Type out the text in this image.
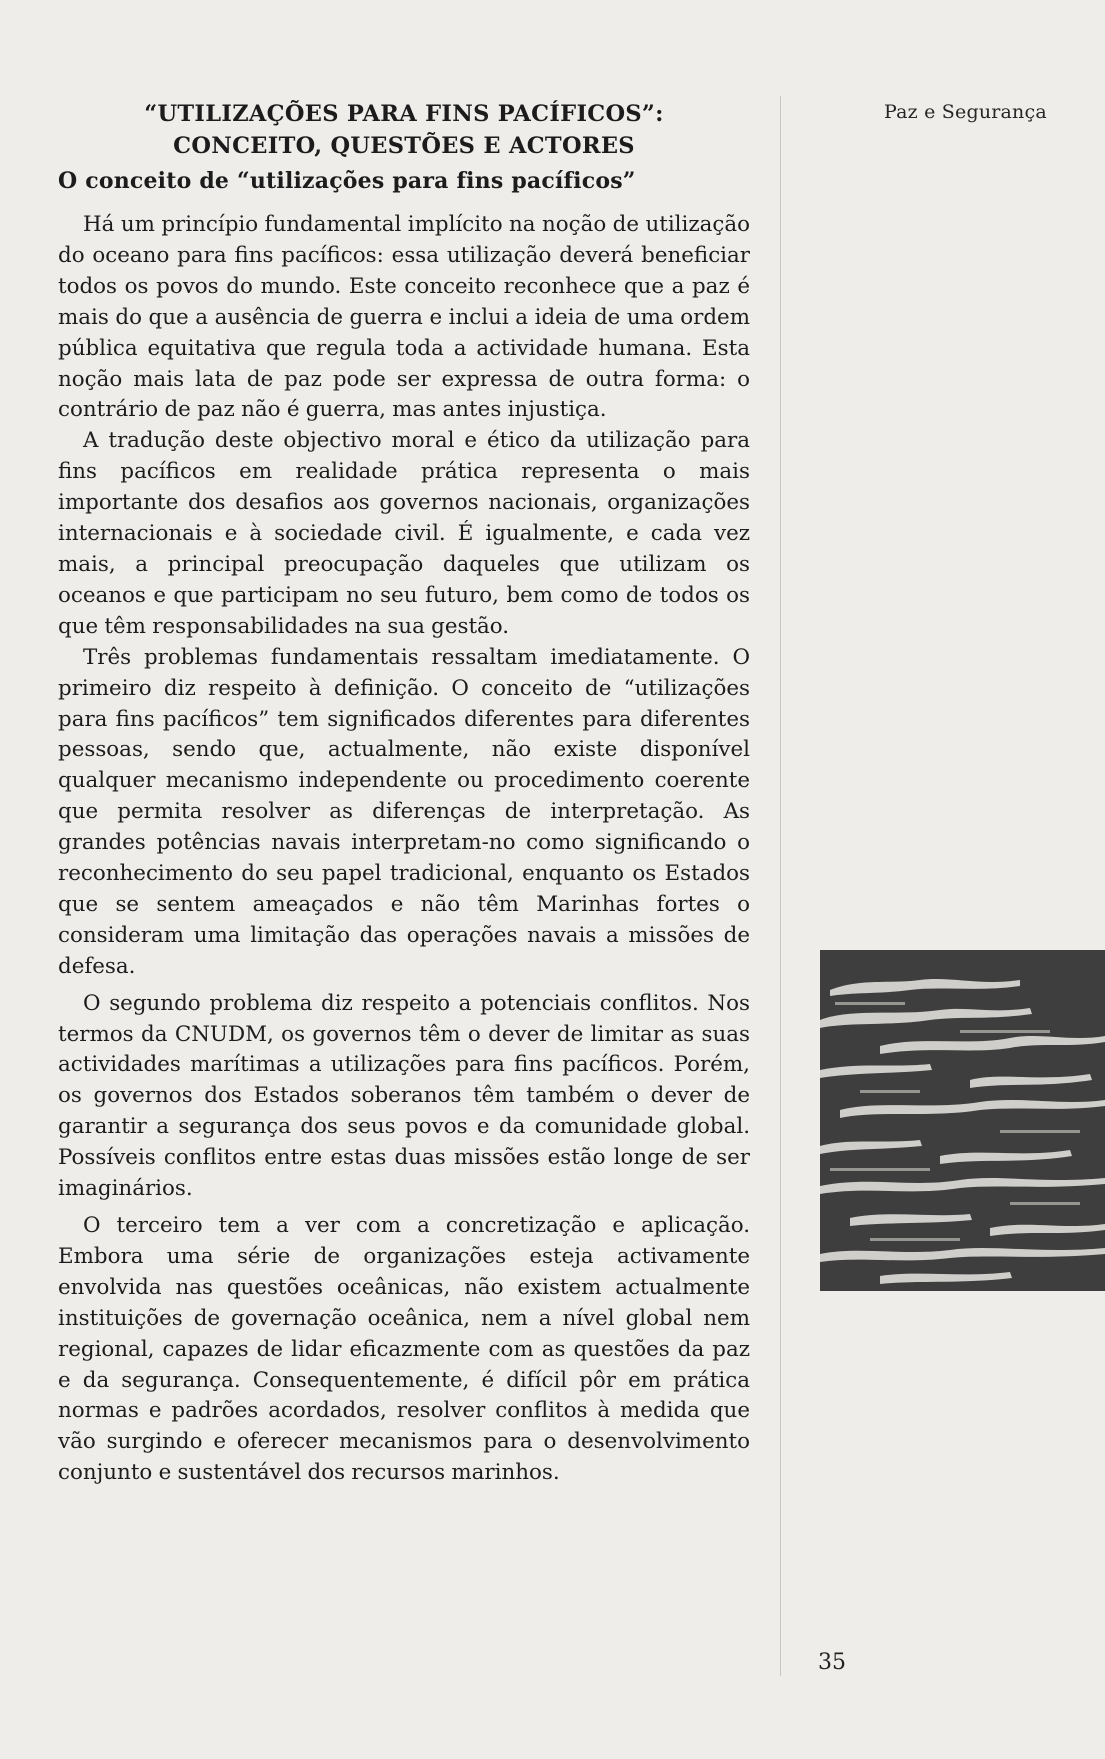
Paz e Segurança
“UTILIZAÇÕES PARA FINS PACÍFICOS”:
CONCEITO, QUESTÕES E ACTORES
O conceito de “utilizações para fins pacíficos”

Há um princípio fundamental implícito na noção de utilização do oceano para fins pacíficos: essa utilização deverá beneficiar todos os povos do mundo. Este conceito reconhece que a paz é mais do que a ausência de guerra e inclui a ideia de uma ordem pública equitativa que regula toda a actividade humana. Esta noção mais lata de paz pode ser expressa de outra forma: o contrário de paz não é guerra, mas antes injustiça.

A tradução deste objectivo moral e ético da utilização para fins pacíficos em realidade prática representa o mais importante dos desafios aos governos nacionais, organizações internacionais e à sociedade civil. É igualmente, e cada vez mais, a principal preocupação daqueles que utilizam os oceanos e que participam no seu futuro, bem como de todos os que têm responsabilidades na sua gestão.

Três problemas fundamentais ressaltam imediatamente. O primeiro diz respeito à definição. O conceito de “utilizações para fins pacíficos” tem significados diferentes para diferentes pessoas, sendo que, actualmente, não existe disponível qualquer mecanismo independente ou procedimento coerente que permita resolver as diferenças de interpretação. As grandes potências navais interpretam-no como significando o reconhecimento do seu papel tradicional, enquanto os Estados que se sentem ameaçados e não têm Marinhas fortes o consideram uma limitação das operações navais a missões de defesa.

O segundo problema diz respeito a potenciais conflitos. Nos termos da CNUDM, os governos têm o dever de limitar as suas actividades marítimas a utilizações para fins pacíficos. Porém, os governos dos Estados soberanos têm também o dever de garantir a segurança dos seus povos e da comunidade global. Possíveis conflitos entre estas duas missões estão longe de ser imaginários.

O terceiro tem a ver com a concretização e aplicação. Embora uma série de organizações esteja activamente envolvida nas questões oceânicas, não existem actualmente instituições de governação oceânica, nem a nível global nem regional, capazes de lidar eficazmente com as questões da paz e da segurança. Consequentemente, é difícil pôr em prática normas e padrões acordados, resolver conflitos à medida que vão surgindo e oferecer mecanismos para o desenvolvimento conjunto e sustentável dos recursos marinhos.

35
